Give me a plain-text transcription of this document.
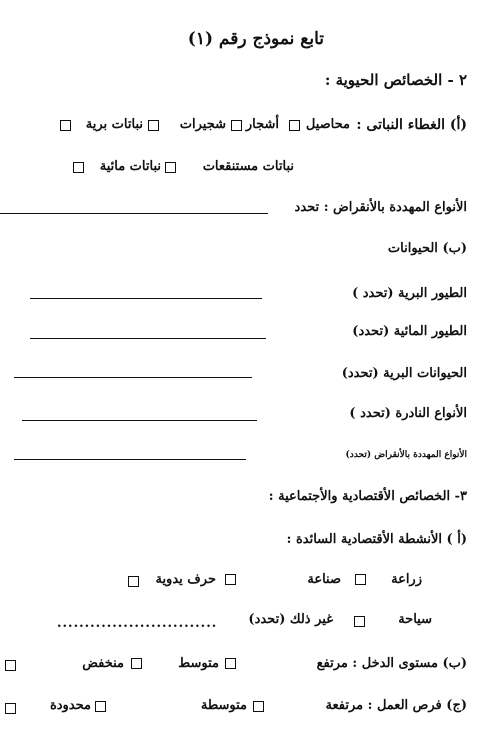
تابع نموذج رقم (١)
٢ - الخصائص الحيوية :
(أ) الغطاء النباتى :
محاصيل
أشجار
شجيرات
نباتات برية
نباتات مستنقعات
نباتات مائية
الأنواع المهددة بالأنقراض : تحدد
(ب) الحيوانات
الطيور البرية (تحدد )
الطيور المائية (تحدد)
الحيوانات البرية (تحدد)
الأنواع النادرة (تحدد )
الأنواع المهددة بالأنقراض (تحدد)
٣- الخصائص الأقتصادية والأجتماعية :
(أ ) الأنشطة الأقتصادية السائدة :
زراعة
صناعة
حرف يدوية
سياحة
غير ذلك (تحدد)
.............................
(ب) مستوى الدخل : مرتفع
متوسط
منخفض
(ج) فرص العمل : مرتفعة
متوسطة
محدودة
